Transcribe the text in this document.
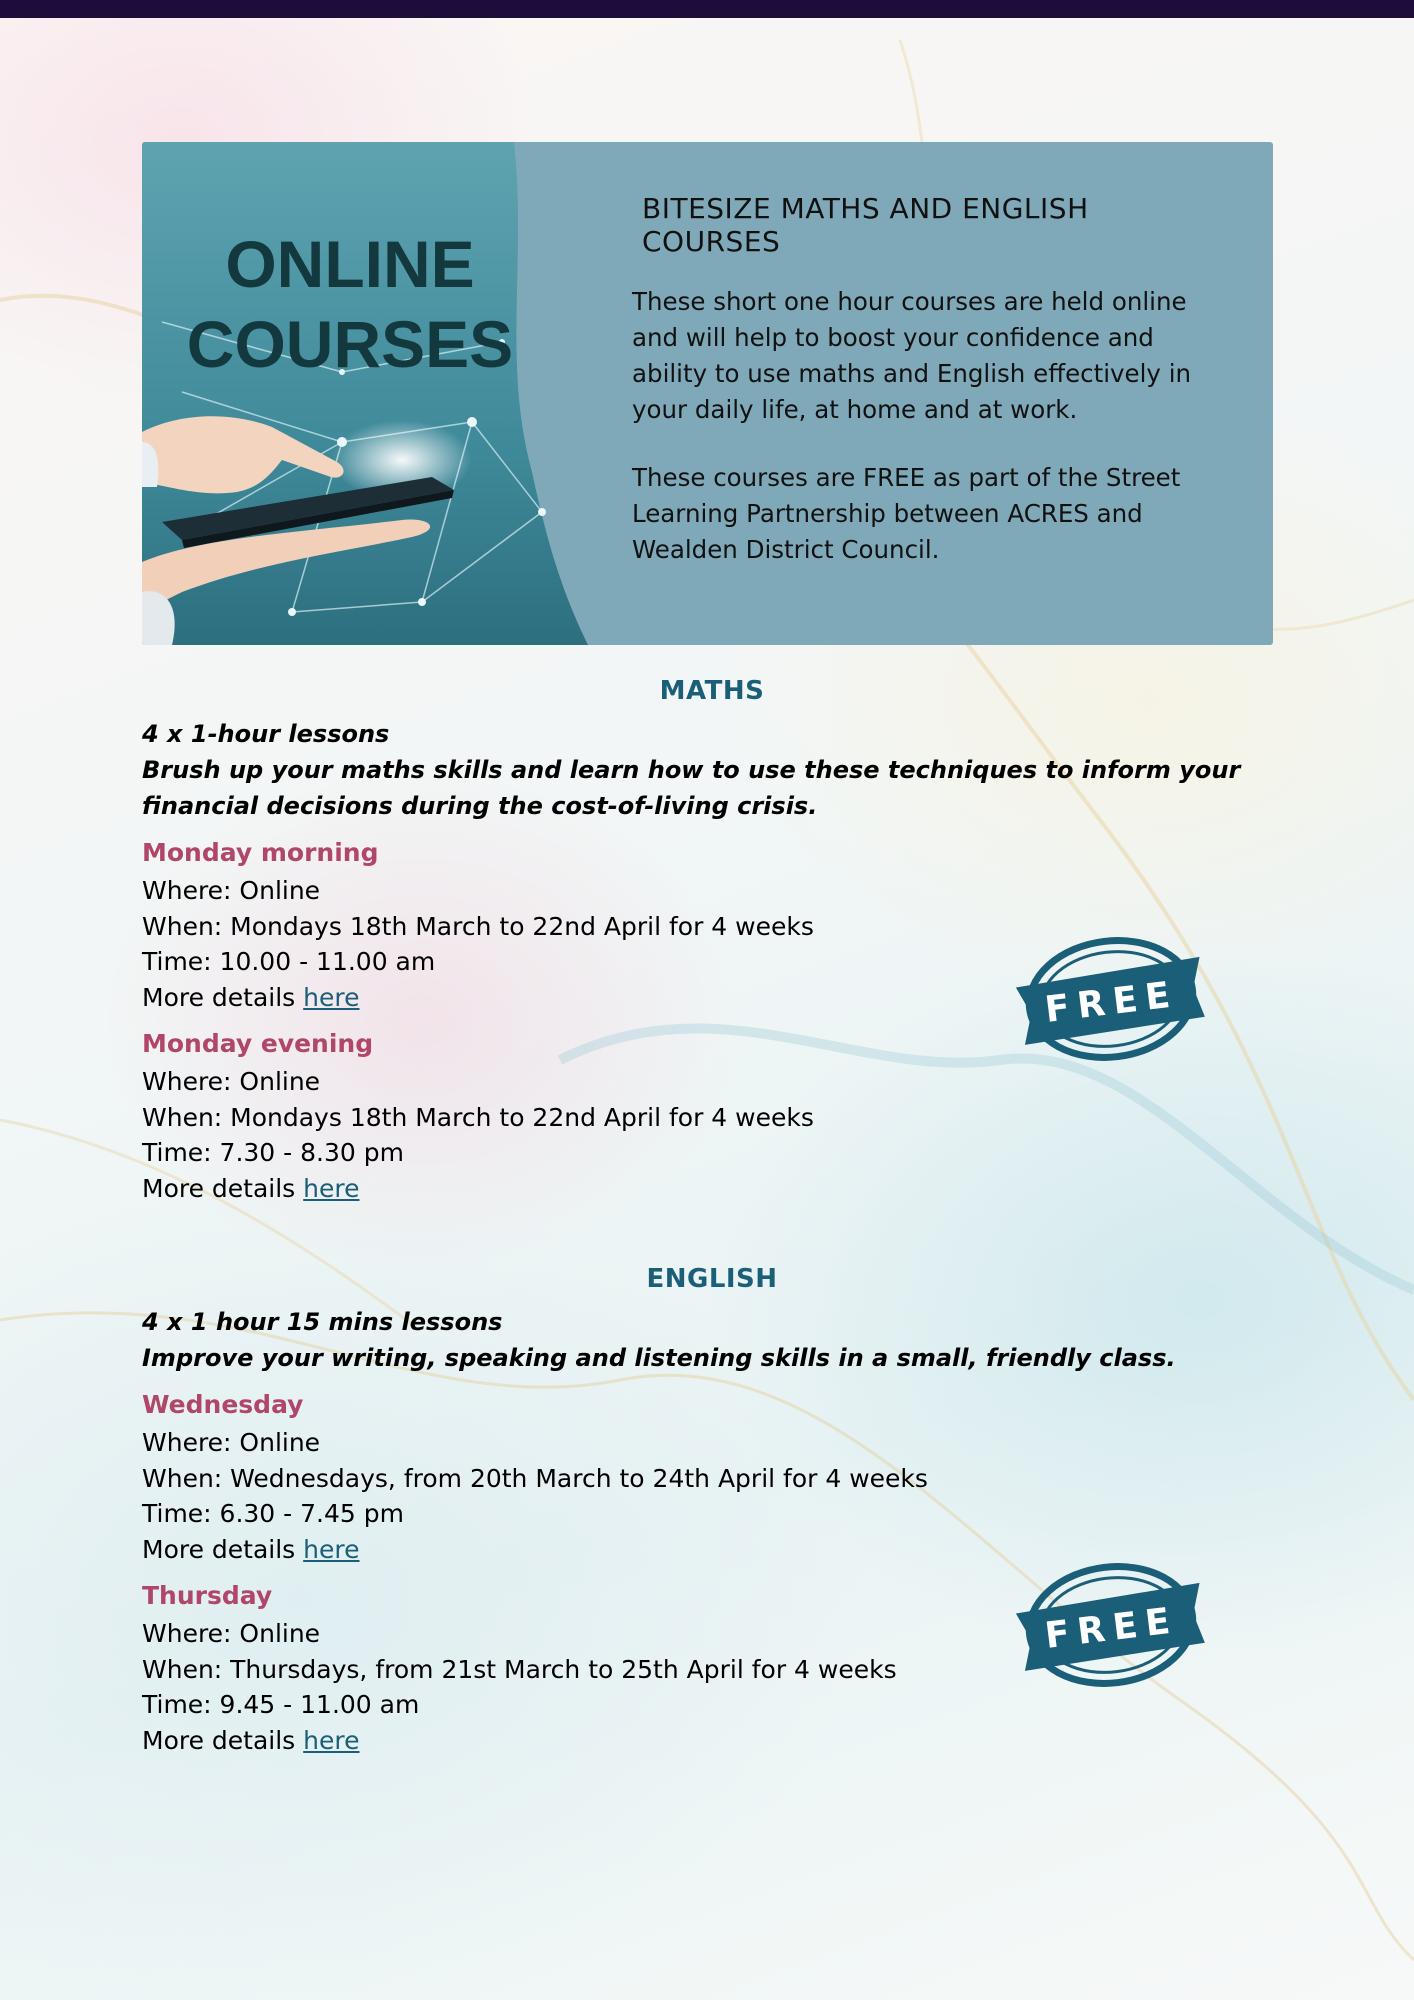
ONLINE
COURSES
BITESIZE MATHS AND ENGLISH COURSES

These short one hour courses are held online and will help to boost your confidence and ability to use maths and English effectively in your daily life, at home and at work.

These courses are FREE as part of the Street Learning Partnership between ACRES and Wealden District Council.

MATHS

4 x 1-hour lessons

Brush up your maths skills and learn how to use these techniques to inform your financial decisions during the cost-of-living crisis.

Monday morning

Where: Online

When: Mondays 18th March to 22nd April for 4 weeks

Time: 10.00 - 11.00 am

More details here

Monday evening

Where: Online

When: Mondays 18th March to 22nd April for 4 weeks

Time: 7.30 - 8.30 pm

More details here

ENGLISH

4 x 1 hour 15 mins lessons

Improve your writing, speaking and listening skills in a small, friendly class.

Wednesday

Where: Online

When: Wednesdays, from 20th March to 24th April for 4 weeks

Time: 6.30 - 7.45 pm

More details here

Thursday

Where: Online

When: Thursdays, from 21st March to 25th April for 4 weeks

Time: 9.45 - 11.00 am

More details here

FREE
FREE
